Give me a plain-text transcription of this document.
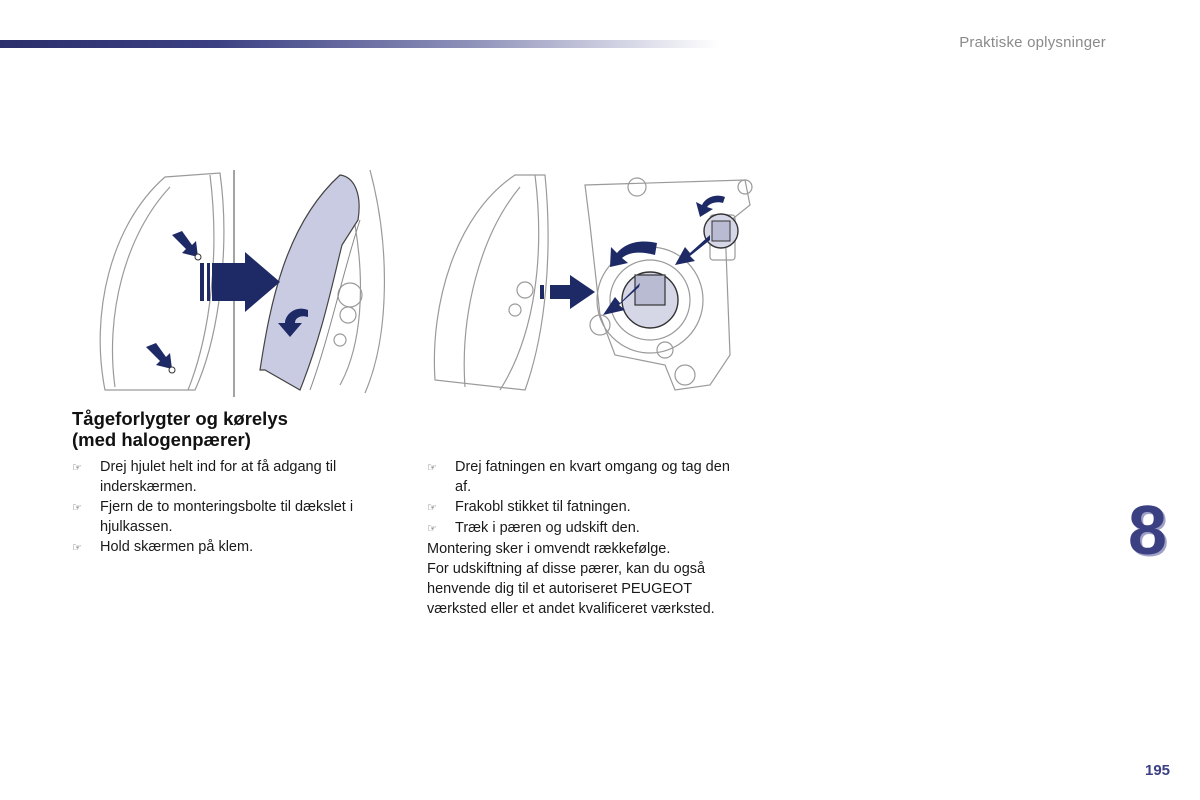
Praktiske oplysninger
8
Tågeforlygter og kørelys
(med halogenpærer)
☞	Drej hjulet helt ind for at få adgang til inderskærmen.
☞	Fjern de to monteringsbolte til dækslet i hjulkassen.
☞	Hold skærmen på klem.
☞	Drej fatningen en kvart omgang og tag den af.
☞	Frakobl stikket til fatningen.
☞	Træk i pæren og udskift den.
Montering sker i omvendt rækkefølge.
For udskiftning af disse pærer, kan du også henvende dig til et autoriseret PEUGEOT værksted eller et andet kvalificeret værksted.
195
